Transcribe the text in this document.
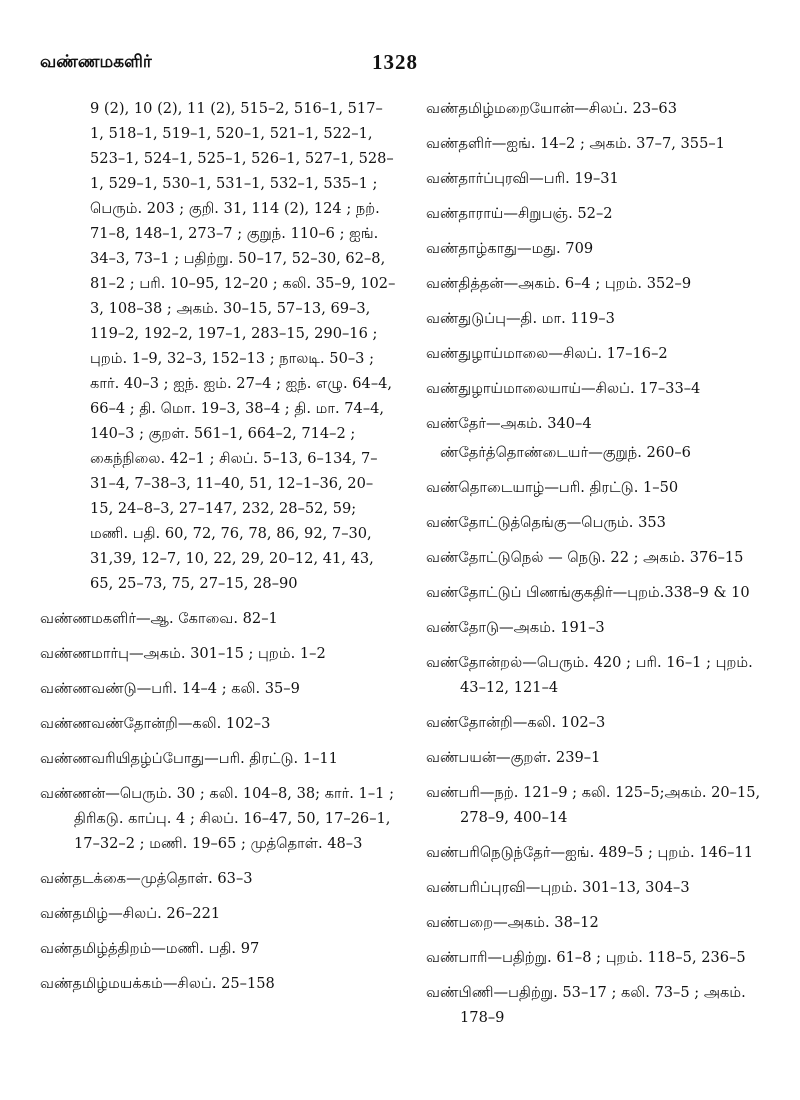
வண்ணமகளிர்	1328
9 (2), 10 (2), 11 (2), 515–2, 516–1, 517–1, 518–1, 519–1, 520–1, 521–1, 522–1, 523–1, 524–1, 525–1, 526–1, 527–1, 528–1, 529–1, 530–1, 531–1, 532–1, 535–1 ; பெரும். 203 ; குறி. 31, 114 (2), 124 ; நற். 71–8, 148–1, 273–7 ; குறுந். 110–6 ; ஐங். 34–3, 73–1 ; பதிற்று. 50–17, 52–30, 62–8, 81–2 ; பரி. 10–95, 12–20 ; கலி. 35–9, 102–3, 108–38 ; அகம். 30–15, 57–13, 69–3, 119–2, 192–2, 197–1, 283–15, 290–16 ; புறம். 1–9, 32–3, 152–13 ; நாலடி. 50–3 ; கார். 40–3 ; ஐந். ஐம். 27–4 ; ஐந். எழு. 64–4, 66–4 ; தி. மொ. 19–3, 38–4 ; தி. மா. 74–4, 140–3 ; குறள். 561–1, 664–2, 714–2 ; கைந்நிலை. 42–1 ; சிலப். 5–13, 6–134, 7–31–4, 7–38–3, 11–40, 51, 12–1–36, 20–15, 24–8–3, 27–147, 232, 28–52, 59; மணி. பதி. 60, 72, 76, 78, 86, 92, 7–30, 31,39, 12–7, 10, 22, 29, 20–12, 41, 43, 65, 25–73, 75, 27–15, 28–90
வண்ணமகளிர்—ஆ. கோவை. 82–1
வண்ணமார்பு—அகம். 301–15 ; புறம். 1–2
வண்ணவண்டு—பரி. 14–4 ; கலி. 35–9
வண்ணவண்தோன்றி—கலி. 102–3
வண்ணவரியிதழ்ப்போது—பரி. திரட்டு. 1–11
வண்ணன்—பெரும். 30 ; கலி. 104–8, 38; கார். 1–1 ; திரிகடு. காப்பு. 4 ; சிலப். 16–47, 50, 17–26–1, 17–32–2 ; மணி. 19–65 ; முத்தொள். 48–3
வண்தடக்கை—முத்தொள். 63–3
வண்தமிழ்—சிலப். 26–221
வண்தமிழ்த்திறம்—மணி. பதி. 97
வண்தமிழ்மயக்கம்—சிலப். 25–158
வண்தமிழ்மறையோன்—சிலப். 23–63
வண்தளிர்—ஐங். 14–2 ; அகம். 37–7, 355–1
வண்தார்ப்புரவி—பரி. 19–31
வண்தாராய்—சிறுபஞ். 52–2
வண்தாழ்காது—மது. 709
வண்தித்தன்—அகம். 6–4 ; புறம். 352–9
வண்துடுப்பு—தி. மா. 119–3
வண்துழாய்மாலை—சிலப். 17–16–2
வண்துழாய்மாலையாய்—சிலப். 17–33–4
வண்தேர்—அகம். 340–4
ண்தேர்த்தொண்டையர்—குறுந். 260–6
வண்தொடையாழ்—பரி. திரட்டு. 1–50
வண்தோட்டுத்தெங்கு—பெரும். 353
வண்தோட்டுநெல் — நெடு. 22 ; அகம். 376–15
வண்தோட்டுப் பிணங்குகதிர்—புறம்.338–9 & 10
வண்தோடு—அகம். 191–3
வண்தோன்றல்—பெரும். 420 ; பரி. 16–1 ; புறம். 43–12, 121–4
வண்தோன்றி—கலி. 102–3
வண்பயன்—குறள். 239–1
வண்பரி—நற். 121–9 ; கலி. 125–5;அகம். 20–15, 278–9, 400–14
வண்பரிநெடுந்தேர்—ஐங். 489–5 ; புறம். 146–11
வண்பரிப்புரவி—புறம். 301–13, 304–3
வண்பறை—அகம். 38–12
வண்பாரி—பதிற்று. 61–8 ; புறம். 118–5, 236–5
வண்பிணி—பதிற்று. 53–17 ; கலி. 73–5 ; அகம். 178–9
